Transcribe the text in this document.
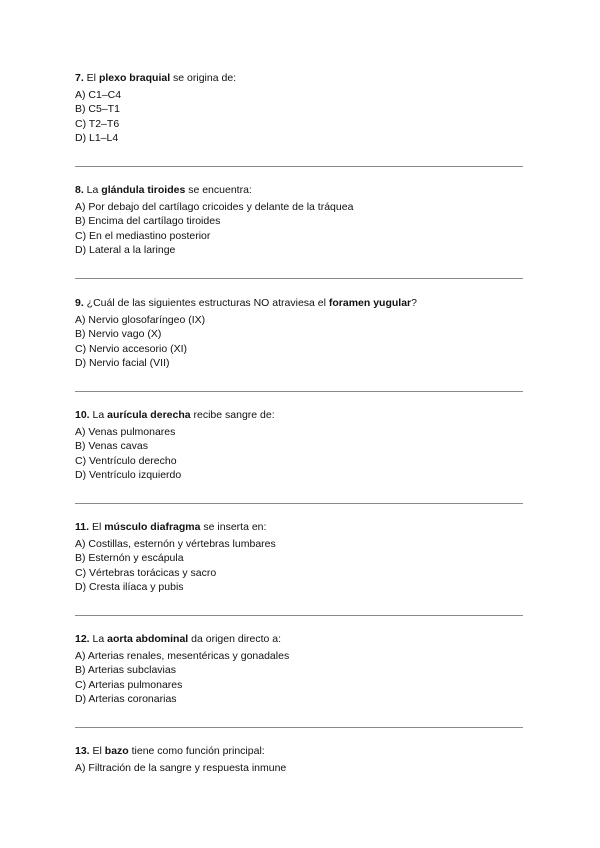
7. El plexo braquial se origina de:

A) C1–C4
B) C5–T1
C) T2–T6
D) L1–L4

8. La glándula tiroides se encuentra:

A) Por debajo del cartílago cricoides y delante de la tráquea
B) Encima del cartílago tiroides
C) En el mediastino posterior
D) Lateral a la laringe

9. ¿Cuál de las siguientes estructuras NO atraviesa el foramen yugular?

A) Nervio glosofaríngeo (IX)
B) Nervio vago (X)
C) Nervio accesorio (XI)
D) Nervio facial (VII)

10. La aurícula derecha recibe sangre de:

A) Venas pulmonares
B) Venas cavas
C) Ventrículo derecho
D) Ventrículo izquierdo

11. El músculo diafragma se inserta en:

A) Costillas, esternón y vértebras lumbares
B) Esternón y escápula
C) Vértebras torácicas y sacro
D) Cresta ilíaca y pubis

12. La aorta abdominal da origen directo a:

A) Arterias renales, mesentéricas y gonadales
B) Arterias subclavias
C) Arterias pulmonares
D) Arterias coronarias

13. El bazo tiene como función principal:

A) Filtración de la sangre y respuesta inmune
